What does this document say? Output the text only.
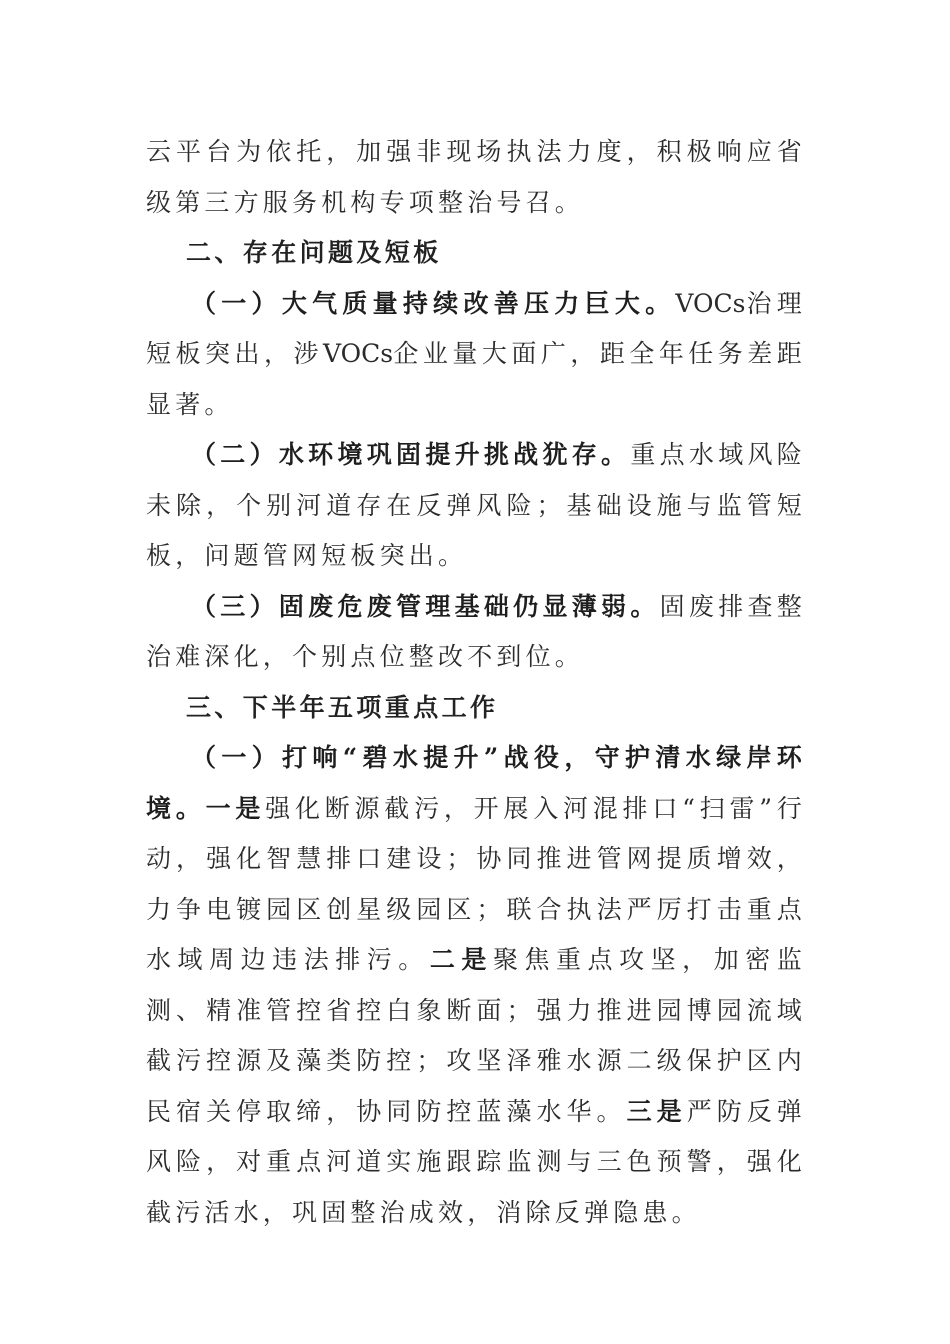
云平台为依托，加强非现场执法力度，积极响应省级第三方服务机构专项整治号召。

二、存在问题及短板

（一）大气质量持续改善压力巨大。VOCs治理短板突出，涉VOCs企业量大面广，距全年任务差距显著。

（二）水环境巩固提升挑战犹存。重点水域风险未除，个别河道存在反弹风险；基础设施与监管短板，问题管网短板突出。

（三）固废危废管理基础仍显薄弱。固废排查整治难深化，个别点位整改不到位。

三、下半年五项重点工作

（一）打响“碧水提升”战役，守护清水绿岸环境。一是强化断源截污，开展入河混排口“扫雷”行动，强化智慧排口建设；协同推进管网提质增效，力争电镀园区创星级园区；联合执法严厉打击重点水域周边违法排污。二是聚焦重点攻坚，加密监测、精准管控省控白象断面；强力推进园博园流域截污控源及藻类防控；攻坚泽雅水源二级保护区内民宿关停取缔，协同防控蓝藻水华。三是严防反弹风险，对重点河道实施跟踪监测与三色预警，强化截污活水，巩固整治成效，消除反弹隐患。
